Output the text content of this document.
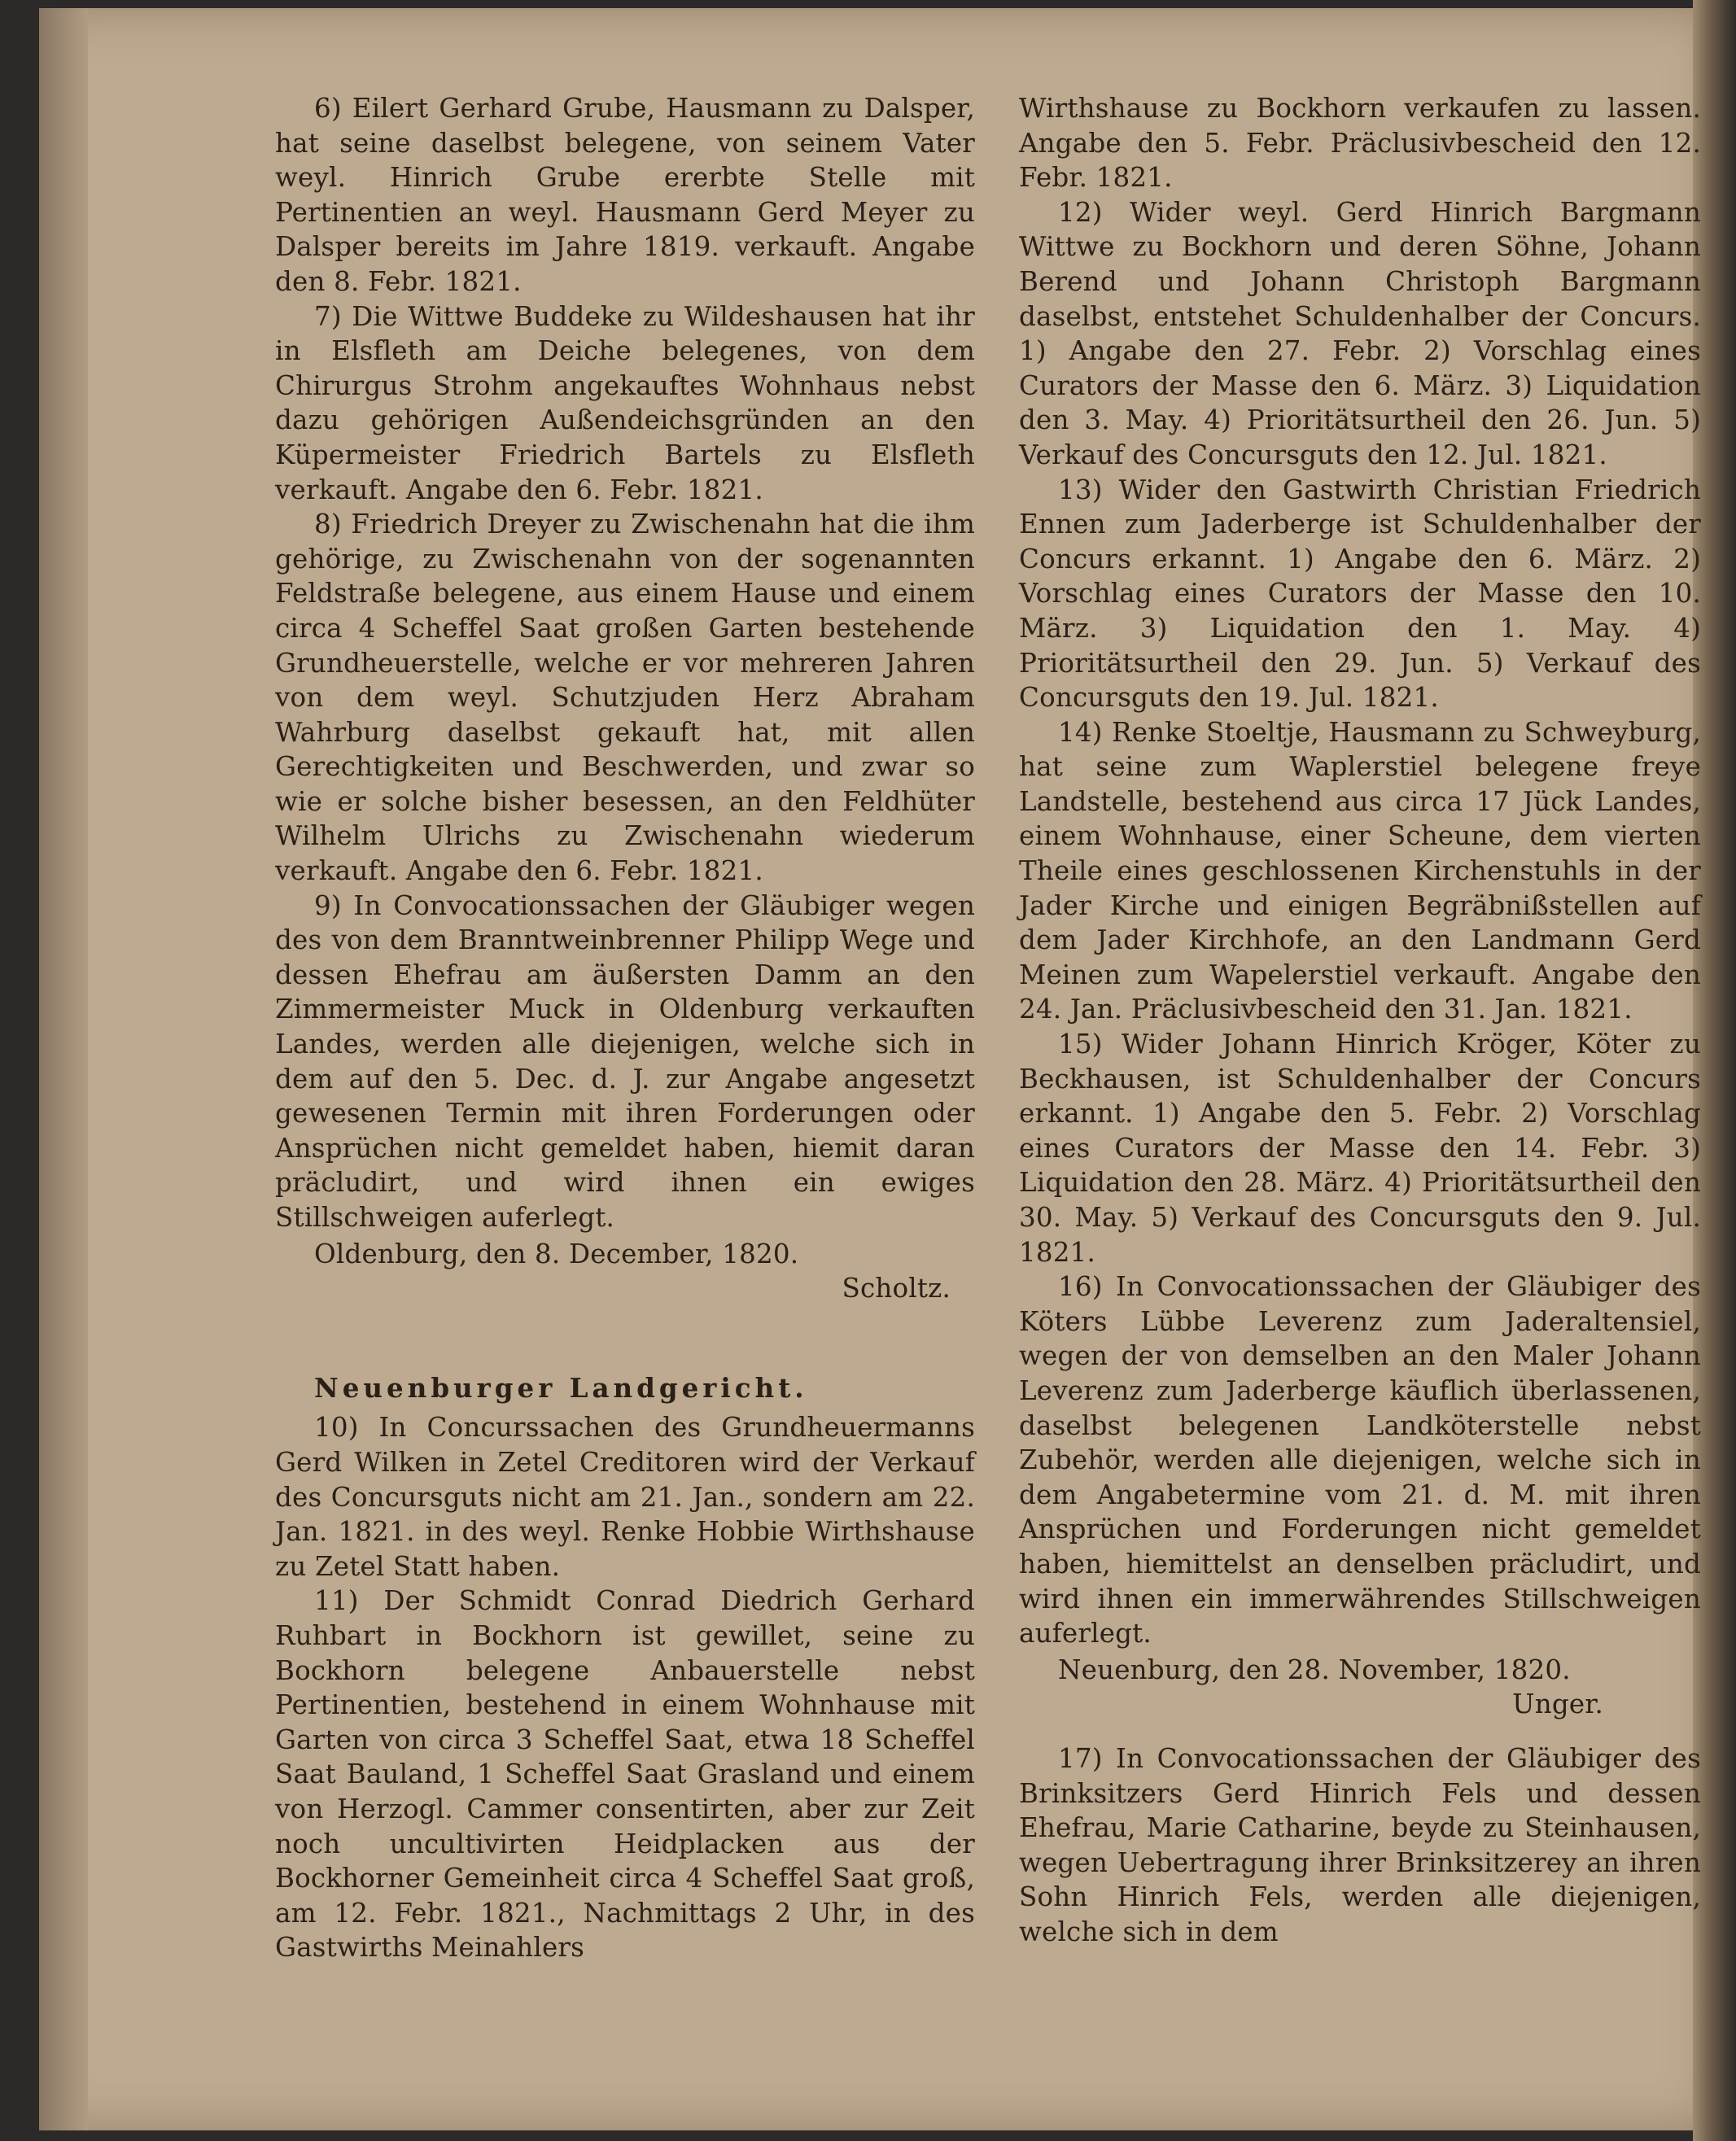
6) Eilert Gerhard Grube, Hausmann zu Dalsper, hat seine daselbst belegene, von seinem Vater weyl. Hinrich Grube ererbte Stelle mit Pertinentien an weyl. Hausmann Gerd Meyer zu Dalsper bereits im Jahre 1819. verkauft. Angabe den 8. Febr. 1821.

7) Die Wittwe Buddeke zu Wildeshausen hat ihr in Elsfleth am Deiche belegenes, von dem Chirurgus Strohm angekauftes Wohnhaus nebst dazu gehörigen Außendeichsgründen an den Küpermeister Friedrich Bartels zu Elsfleth verkauft. Angabe den 6. Febr. 1821.

8) Friedrich Dreyer zu Zwischenahn hat die ihm gehörige, zu Zwischenahn von der sogenannten Feldstraße belegene, aus einem Hause und einem circa 4 Scheffel Saat großen Garten bestehende Grundheuerstelle, welche er vor mehreren Jahren von dem weyl. Schutzjuden Herz Abraham Wahrburg daselbst gekauft hat, mit allen Gerechtigkeiten und Beschwerden, und zwar so wie er solche bisher besessen, an den Feldhüter Wilhelm Ulrichs zu Zwischenahn wiederum verkauft. Angabe den 6. Febr. 1821.

9) In Convocationssachen der Gläubiger wegen des von dem Branntweinbrenner Philipp Wege und dessen Ehefrau am äußersten Damm an den Zimmermeister Muck in Oldenburg verkauften Landes, werden alle diejenigen, welche sich in dem auf den 5. Dec. d. J. zur Angabe angesetzt gewesenen Termin mit ihren Forderungen oder Ansprüchen nicht gemeldet haben, hiemit daran präcludirt, und wird ihnen ein ewiges Stillschweigen auferlegt.

Oldenburg, den 8. December, 1820.

Scholtz.

Neuenburger Landgericht.

10) In Concurssachen des Grundheuermanns Gerd Wilken in Zetel Creditoren wird der Verkauf des Concursguts nicht am 21. Jan., sondern am 22. Jan. 1821. in des weyl. Renke Hobbie Wirthshause zu Zetel Statt haben.

11) Der Schmidt Conrad Diedrich Gerhard Ruhbart in Bockhorn ist gewillet, seine zu Bockhorn belegene Anbauerstelle nebst Pertinentien, bestehend in einem Wohnhause mit Garten von circa 3 Scheffel Saat, etwa 18 Scheffel Saat Bauland, 1 Scheffel Saat Grasland und einem von Herzogl. Cammer consentirten, aber zur Zeit noch uncultivirten Heidplacken aus der Bockhorner Gemeinheit circa 4 Scheffel Saat groß, am 12. Febr. 1821., Nachmittags 2 Uhr, in des Gastwirths Meinahlers

Wirthshause zu Bockhorn verkaufen zu lassen. Angabe den 5. Febr. Präclusivbescheid den 12. Febr. 1821.

12) Wider weyl. Gerd Hinrich Bargmann Wittwe zu Bockhorn und deren Söhne, Johann Berend und Johann Christoph Bargmann daselbst, entstehet Schuldenhalber der Concurs. 1) Angabe den 27. Febr. 2) Vorschlag eines Curators der Masse den 6. März. 3) Liquidation den 3. May. 4) Prioritätsurtheil den 26. Jun. 5) Verkauf des Concursguts den 12. Jul. 1821.

13) Wider den Gastwirth Christian Friedrich Ennen zum Jaderberge ist Schuldenhalber der Concurs erkannt. 1) Angabe den 6. März. 2) Vorschlag eines Curators der Masse den 10. März. 3) Liquidation den 1. May. 4) Prioritätsurtheil den 29. Jun. 5) Verkauf des Concursguts den 19. Jul. 1821.

14) Renke Stoeltje, Hausmann zu Schweyburg, hat seine zum Waplerstiel belegene freye Landstelle, bestehend aus circa 17 Jück Landes, einem Wohnhause, einer Scheune, dem vierten Theile eines geschlossenen Kirchenstuhls in der Jader Kirche und einigen Begräbnißstellen auf dem Jader Kirchhofe, an den Landmann Gerd Meinen zum Wapelerstiel verkauft. Angabe den 24. Jan. Präclusivbescheid den 31. Jan. 1821.

15) Wider Johann Hinrich Kröger, Köter zu Beckhausen, ist Schuldenhalber der Concurs erkannt. 1) Angabe den 5. Febr. 2) Vorschlag eines Curators der Masse den 14. Febr. 3) Liquidation den 28. März. 4) Prioritätsurtheil den 30. May. 5) Verkauf des Concursguts den 9. Jul. 1821.

16) In Convocationssachen der Gläubiger des Köters Lübbe Leverenz zum Jaderaltensiel, wegen der von demselben an den Maler Johann Leverenz zum Jaderberge käuflich überlassenen, daselbst belegenen Landköterstelle nebst Zubehör, werden alle diejenigen, welche sich in dem Angabetermine vom 21. d. M. mit ihren Ansprüchen und Forderungen nicht gemeldet haben, hiemittelst an denselben präcludirt, und wird ihnen ein immerwährendes Stillschweigen auferlegt.

Neuenburg, den 28. November, 1820.

Unger.

17) In Convocationssachen der Gläubiger des Brinksitzers Gerd Hinrich Fels und dessen Ehefrau, Marie Catharine, beyde zu Steinhausen, wegen Uebertragung ihrer Brinksitzerey an ihren Sohn Hinrich Fels, werden alle diejenigen, welche sich in dem
